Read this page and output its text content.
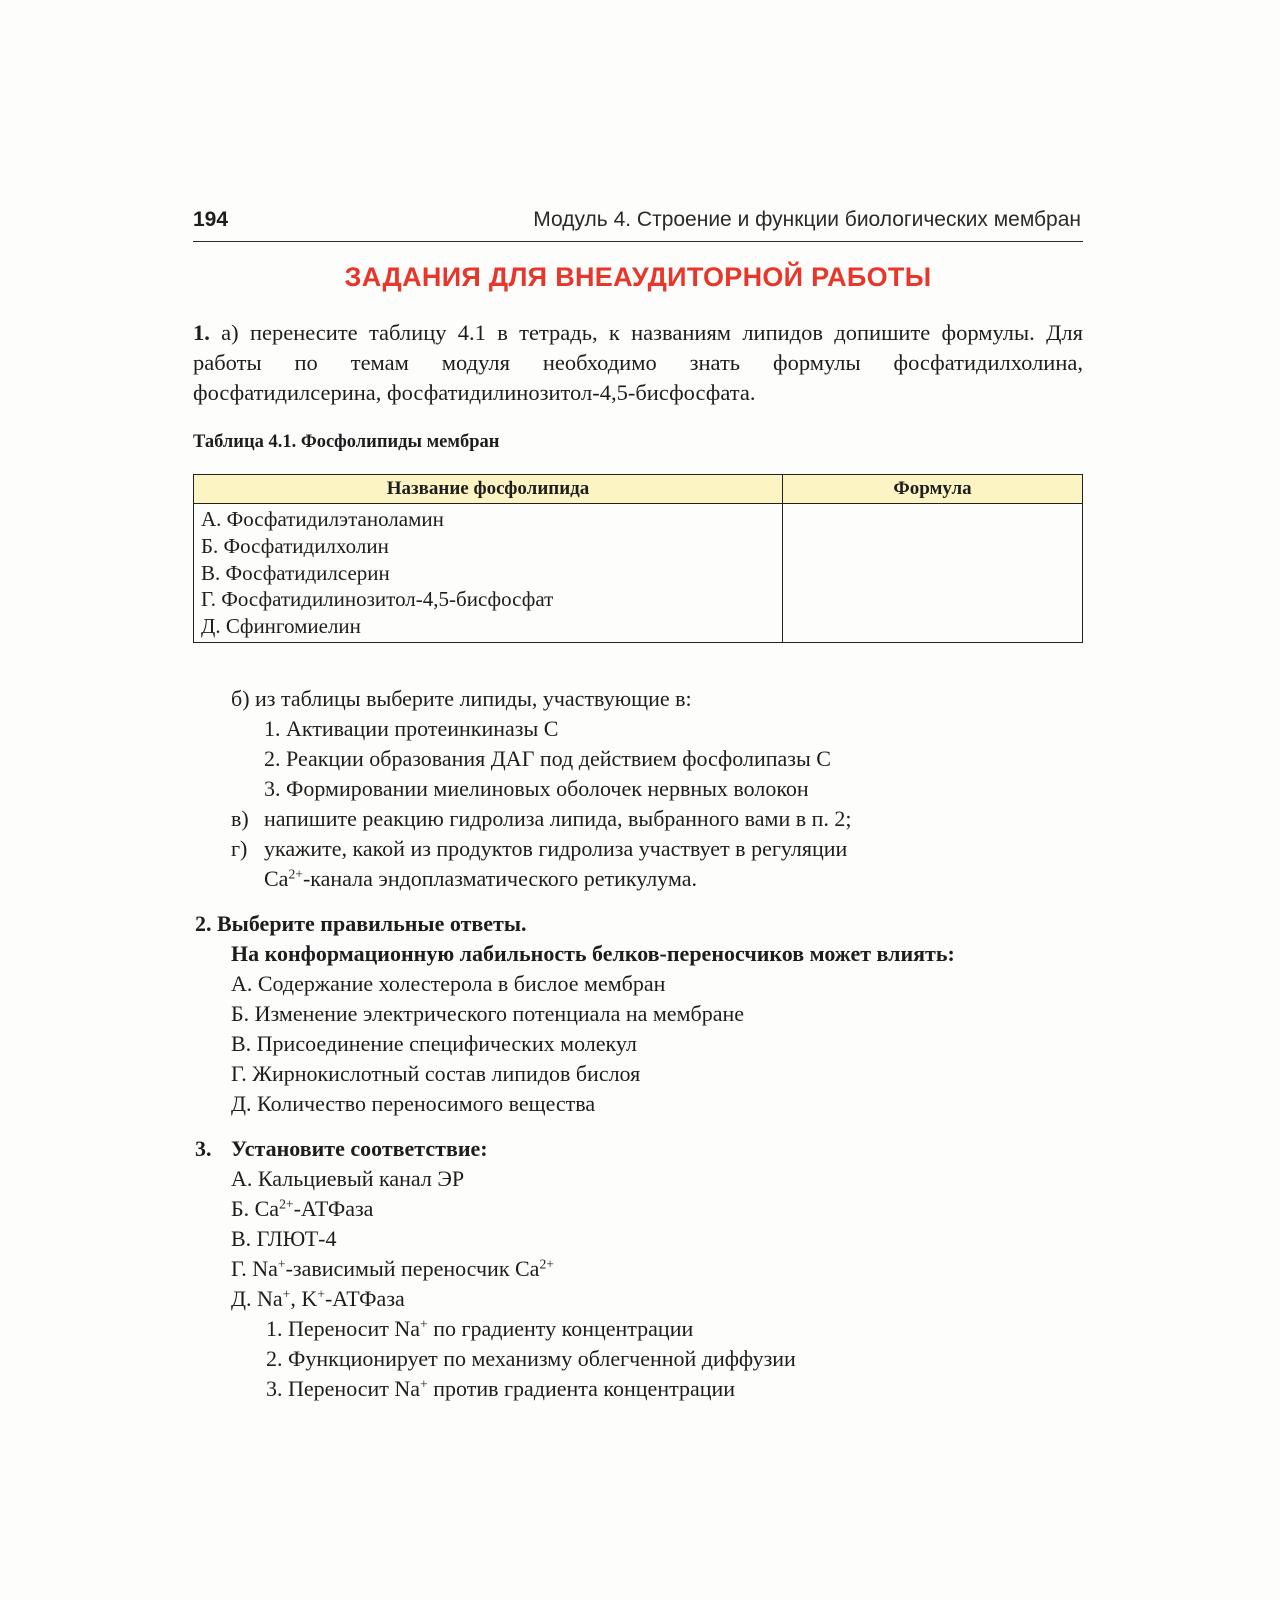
194	Модуль 4. Строение и функции биологических мембран
ЗАДАНИЯ ДЛЯ ВНЕАУДИТОРНОЙ РАБОТЫ
1. а) перенесите таблицу 4.1 в тетрадь, к названиям липидов допишите формулы. Для работы по темам модуля необходимо знать формулы фосфатидилхолина, фосфатидилсерина, фосфатидилинозитол-4,5-бисфосфата.
Таблица 4.1. Фосфолипиды мембран
Название фосфолипида	Формула

А. Фосфатидилэтаноламин
Б. Фосфатидилхолин
В. Фосфатидилсерин
Г. Фосфатидилинозитол-4,5-бисфосфат
Д. Сфингомиелин	

б) из таблицы выберите липиды, участвующие в:
1. Активации протеинкиназы С
2. Реакции образования ДАГ под действием фосфолипазы С
3. Формировании миелиновых оболочек нервных волокон
в) напишите реакцию гидролиза липида, выбранного вами в п. 2;
г) укажите, какой из продуктов гидролиза участвует в регуляции
$Ca^{2+}$-канала эндоплазматического ретикулума.
2. Выберите правильные ответы.
На конформационную лабильность белков-переносчиков может влиять:
А. Содержание холестерола в бислое мембран
Б. Изменение электрического потенциала на мембране
В. Присоединение специфических молекул
Г. Жирнокислотный состав липидов бислоя
Д. Количество переносимого вещества
3. Установите соответствие:
А. Кальциевый канал ЭР
Б. $Ca^{2+}$-АТФаза
В. ГЛЮТ-4
Г. Na+-зависимый переносчик $Ca^{2+}$
Д. Na+, K+-АТФаза
1. Переносит Na+ по градиенту концентрации
2. Функционирует по механизму облегченной диффузии
3. Переносит Na+ против градиента концентрации
